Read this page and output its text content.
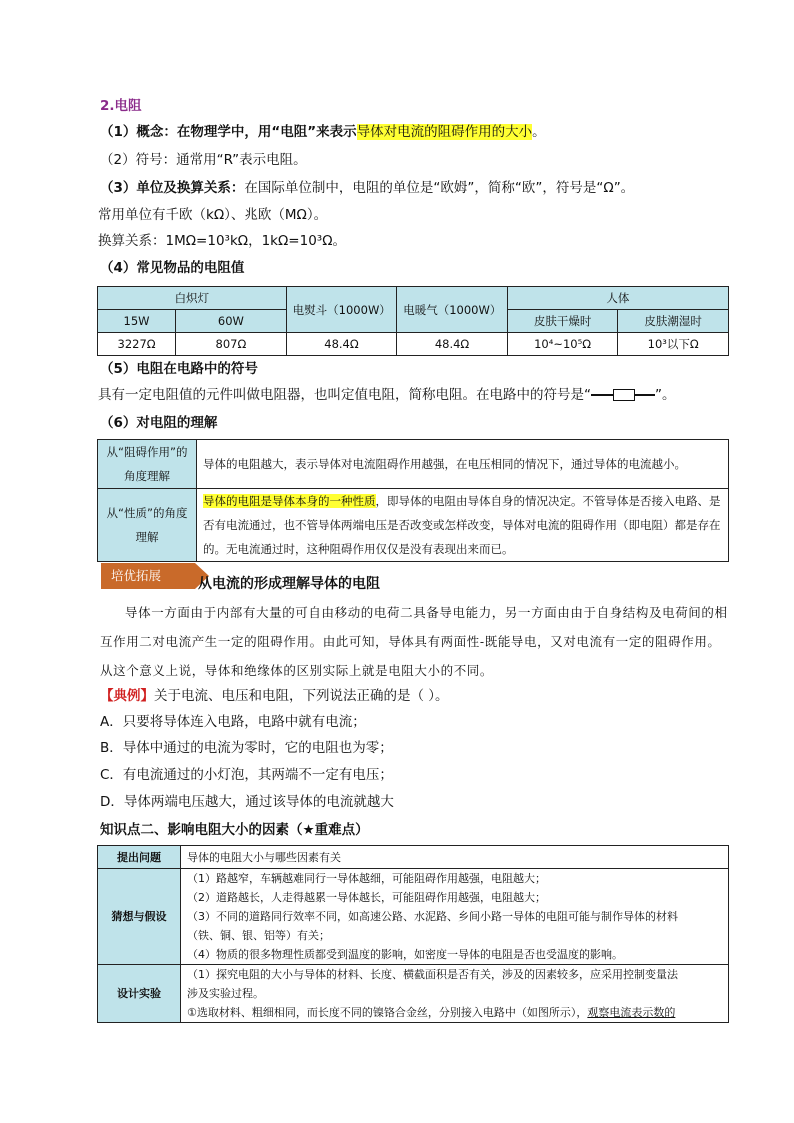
2.电阻
（1）概念：在物理学中，用“电阻”来表示导体对电流的阻碍作用的大小。
（2）符号：通常用“R”表示电阻。
（3）单位及换算关系：在国际单位制中，电阻的单位是“欧姆”，简称“欧”，符号是“Ω”。
常用单位有千欧（kΩ）、兆欧（MΩ）。
换算关系：1MΩ=10³kΩ，1kΩ=10³Ω。
（4）常见物品的电阻值
白炽灯		电熨斗（1000W）	电暖气（1000W）	人体	
15W	60W			皮肤干燥时	皮肤潮湿时
3227Ω	807Ω	48.4Ω	48.4Ω	10⁴~10⁵Ω	10³以下Ω
（5）电阻在电路中的符号
具有一定电阻值的元件叫做电阻器，也叫定值电阻，简称电阻。在电路中的符号是“	”。
（6）对电阻的理解
从“阻碍作用”的角度理解	导体的电阻越大，表示导体对电流阻碍作用越强，在电压相同的情况下，通过导体的电流越小。
从“性质”的角度理解	导体的电阻是导体本身的一种性质，即导体的电阻由导体自身的情况决定。不管导体是否接入电路、是否有电流通过，也不管导体两端电压是否改变或怎样改变，导体对电流的阻碍作用（即电阻）都是存在的。无电流通过时，这种阻碍作用仅仅是没有表现出来而已。
培优拓展
从电流的形成理解导体的电阻
导体一方面由于内部有大量的可自由移动的电荷二具备导电能力，另一方面由由于自身结构及电荷间的相互作用二对电流产生一定的阻碍作用。由此可知，导体具有两面性-既能导电，又对电流有一定的阻碍作用。从这个意义上说，导体和绝缘体的区别实际上就是电阻大小的不同。
【典例】关于电流、电压和电阻，下列说法正确的是（ ）。
A．只要将导体连入电路，电路中就有电流；
B．导体中通过的电流为零时，它的电阻也为零；
C．有电流通过的小灯泡，其两端不一定有电压；
D．导体两端电压越大，通过该导体的电流就越大
知识点二、影响电阻大小的因素（★重难点）
提出问题	导体的电阻大小与哪些因素有关
猜想与假设	（1）路越窄，车辆越难同行一导体越细，可能阻碍作用越强，电阻越大；
（2）道路越长，人走得越累一导体越长，可能阻碍作用越强，电阻越大；
（3）不同的道路同行效率不同，如高速公路、水泥路、乡间小路一导体的电阻可能与制作导体的材料
（铁、铜、银、铝等）有关；
（4）物质的很多物理性质都受到温度的影响，如密度一导体的电阻是否也受温度的影响。

设计实验	（1）探究电阻的大小与导体的材料、长度、横截面积是否有关，涉及的因素较多，应采用控制变量法
涉及实验过程。
①选取材料、粗细相同，而长度不同的镍铬合金丝，分别接入电路中（如图所示），观察电流表示数的
